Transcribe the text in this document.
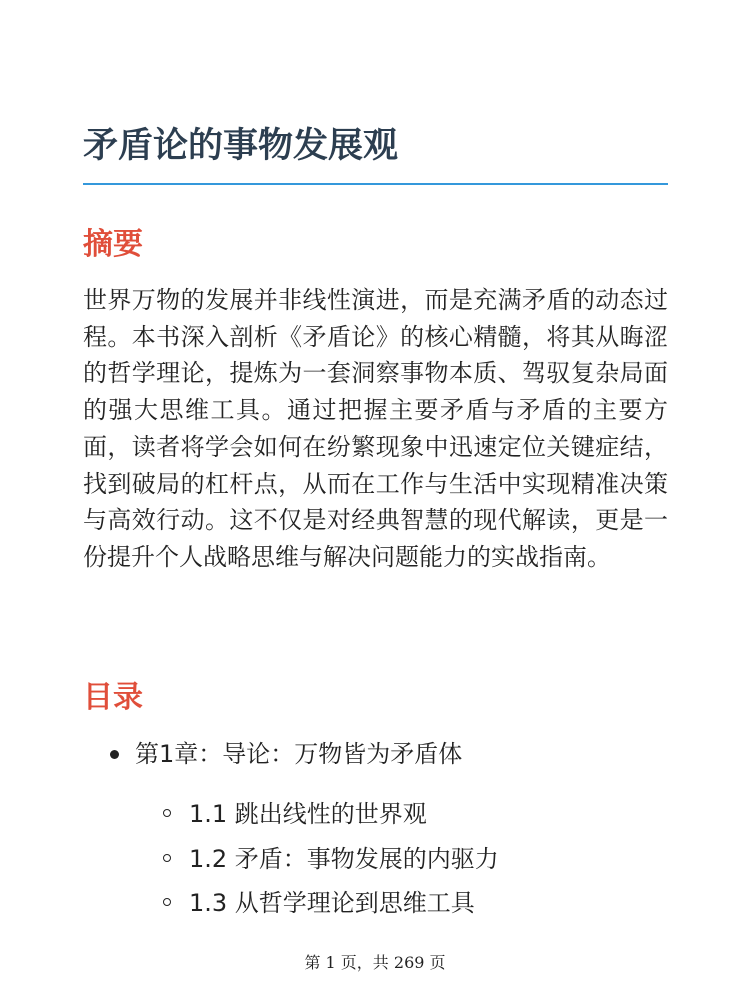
矛盾论的事物发展观
摘要

世界万物的发展并非线性演进，而是充满矛盾的动态过程。本书深入剖析《矛盾论》的核心精髓，将其从晦涩的哲学理论，提炼为一套洞察事物本质、驾驭复杂局面的强大思维工具。通过把握主要矛盾与矛盾的主要方面，读者将学会如何在纷繁现象中迅速定位关键症结，找到破局的杠杆点，从而在工作与生活中实现精准决策与高效行动。这不仅是对经典智慧的现代解读，更是一份提升个人战略思维与解决问题能力的实战指南。

目录
第1章：导论：万物皆为矛盾体
1.1 跳出线性的世界观
1.2 矛盾：事物发展的内驱力
1.3 从哲学理论到思维工具
第 1 页，共 269 页
